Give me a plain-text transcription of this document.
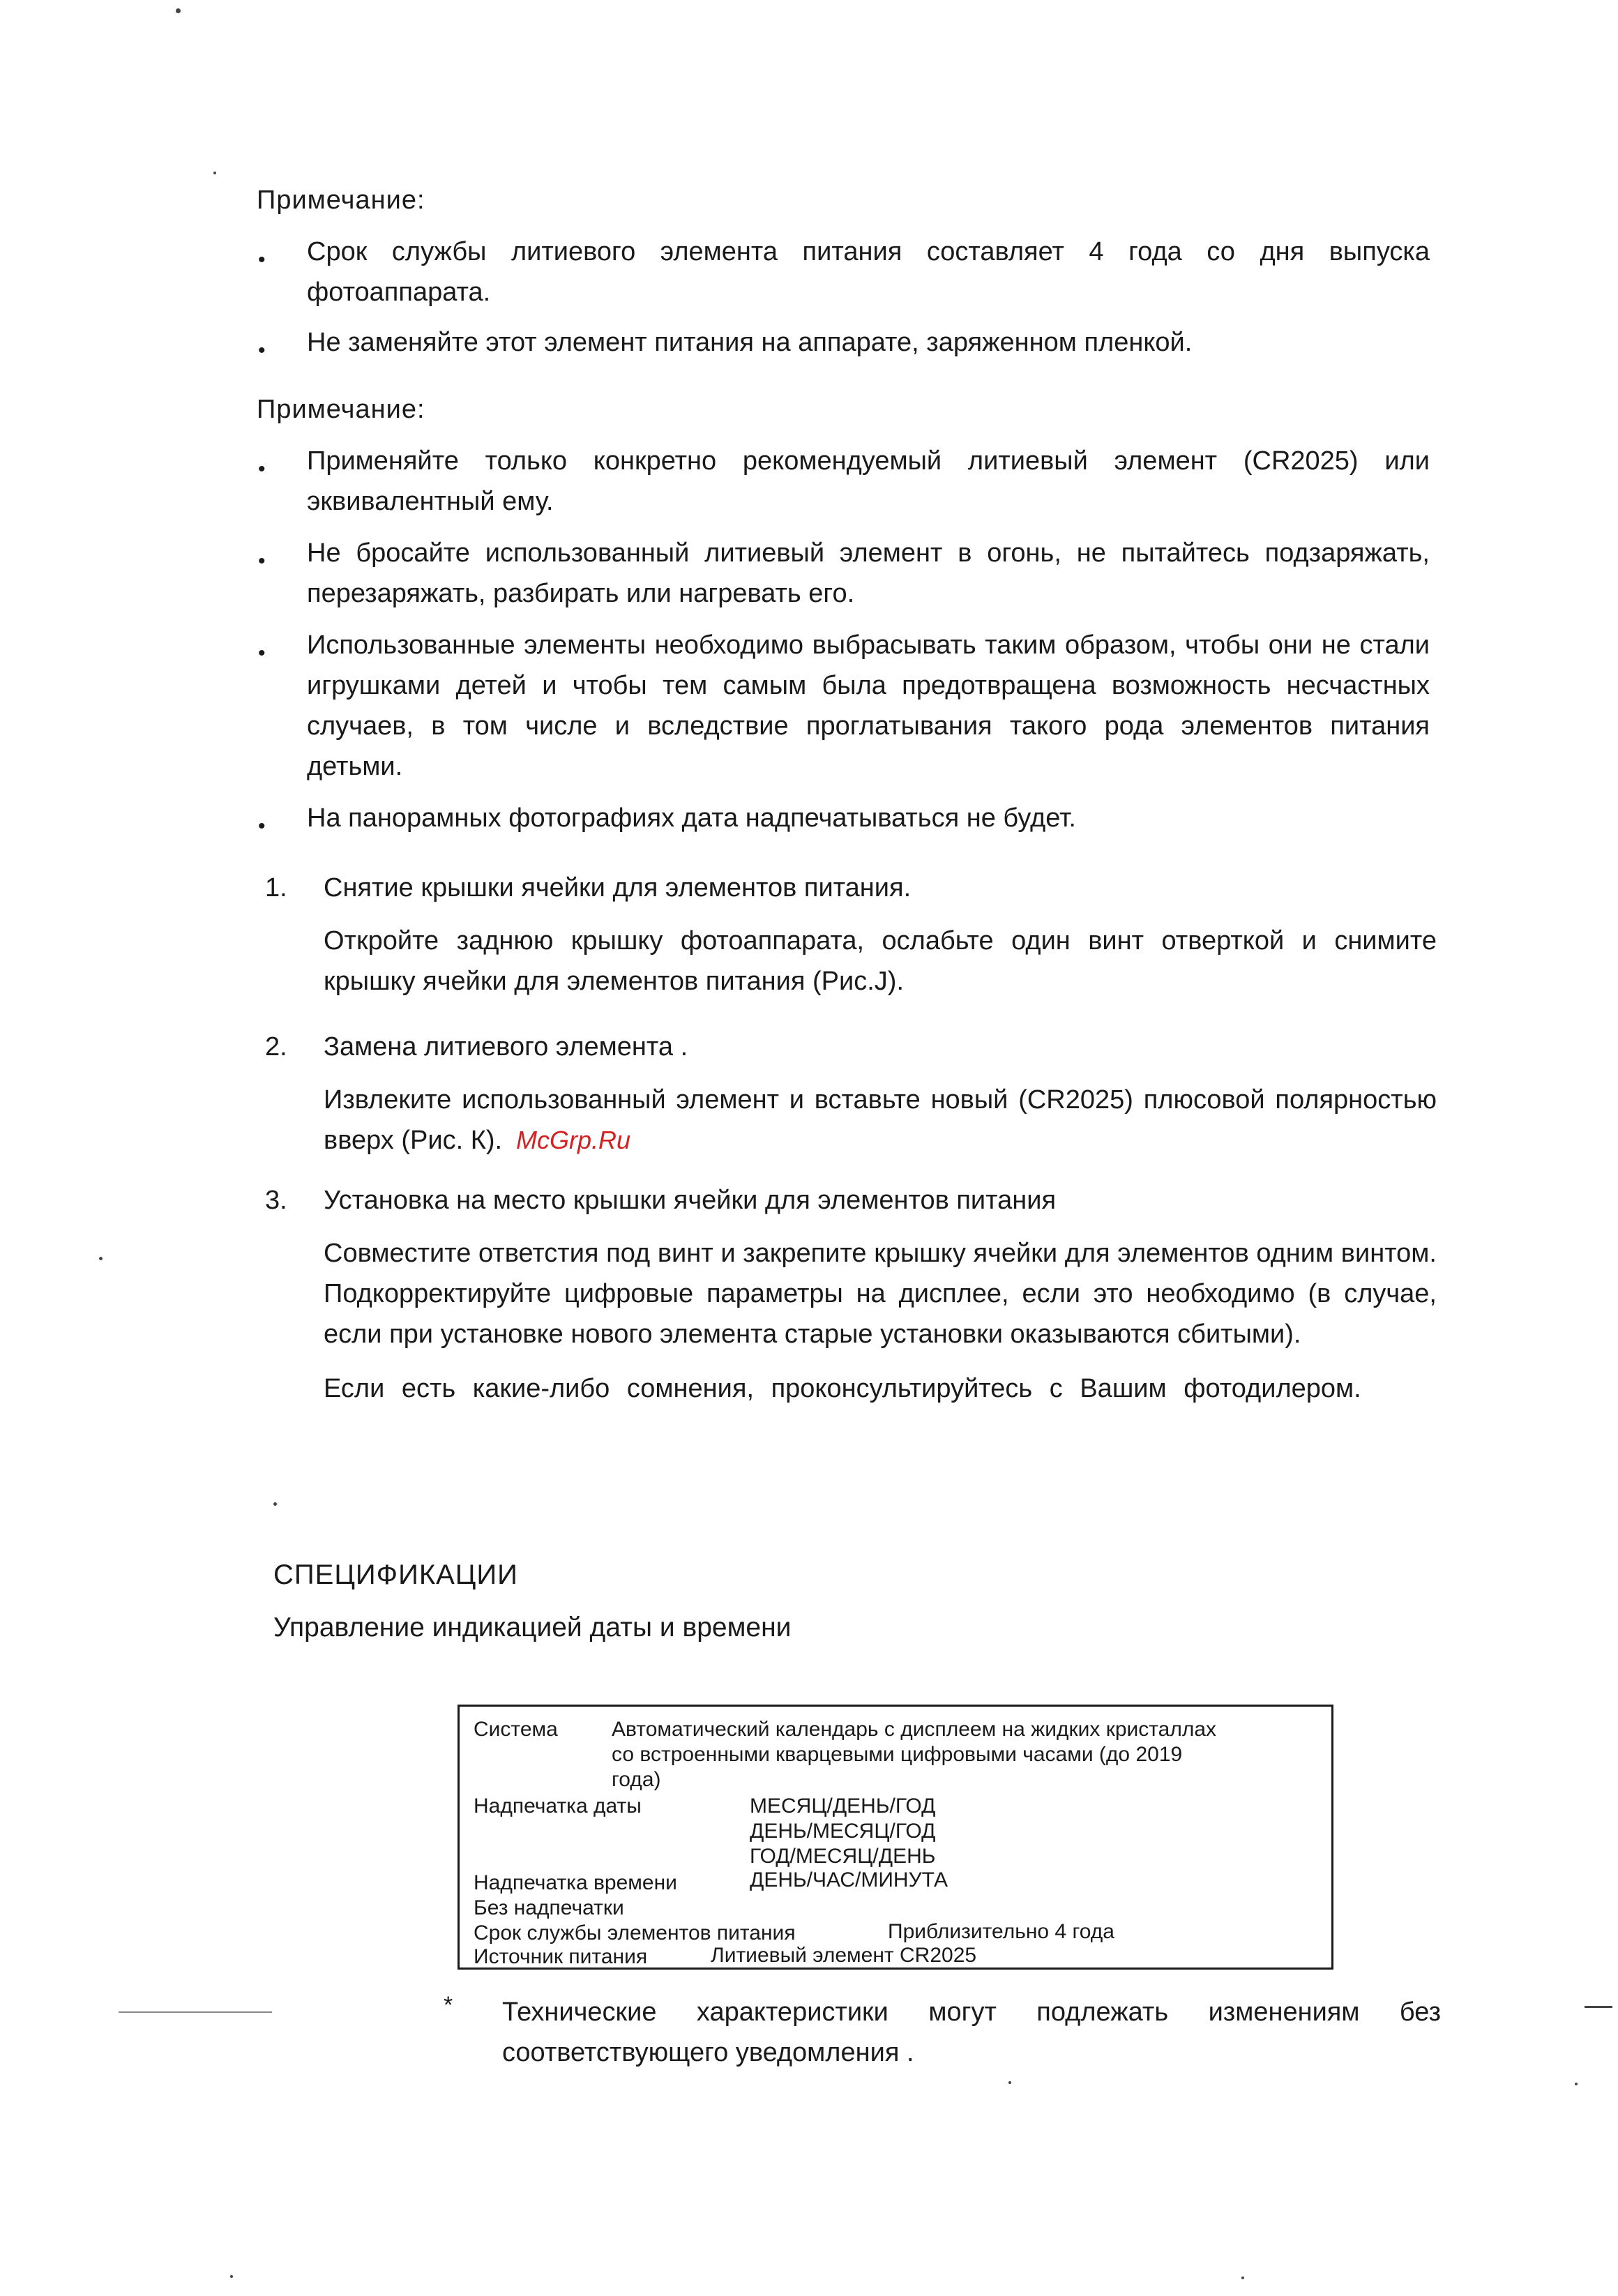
Примечание:
• Срок службы литиевого элемента питания составляет 4 года со дня выпуска фотоаппарата.
• Не заменяйте этот элемент питания на аппарате, заряженном пленкой.
Примечание:
• Применяйте только конкретно рекомендуемый литиевый элемент (CR2025) или эквивалентный ему.
• Не бросайте использованный литиевый элемент в огонь, не пытайтесь подзаряжать, перезаряжать, разбирать или нагревать его.
• Использованные элементы необходимо выбрасывать таким образом, чтобы они не стали игрушками детей и чтобы тем самым была предотвращена возможность несчастных случаев, в том числе и вследствие проглатывания такого рода элементов питания детьми.
• На панорамных фотографиях дата надпечатываться не будет.

1. Снятие крышки ячейки для элементов питания.

Откройте заднюю крышку фотоаппарата, ослабьте один винт отверткой и снимите крышку ячейки для элементов питания (Рис.J).

2. Замена литиевого элемента .

Извлеките использованный элемент и вставьте новый (CR2025) плюсовой полярностью вверх (Рис. К). McGrp.Ru

3. Установка на место крышки ячейки для элементов питания

Совместите ответстия под винт и закрепите крышку ячейки для элементов одним винтом. Подкорректируйте цифровые параметры на дисплее, если это необходимо (в случае, если при установке нового элемента старые установки оказываются сбитыми).

Если есть какие-либо сомнения, проконсультируйтесь с Вашим фотодилером.

СПЕЦИФИКАЦИИ
Управление индикацией даты и времени
Система	Автоматический календарь с дисплеем на жидких кристаллах
со встроенными кварцевыми цифровыми часами (до 2019
года)
Надпечатка даты	МЕСЯЦ/ДЕНЬ/ГОД
ДЕНЬ/МЕСЯЦ/ГОД
ГОД/МЕСЯЦ/ДЕНЬ
Надпечатка времени	ДЕНЬ/ЧАС/МИНУТА
Без надпечатки
Срок службы элементов питания	Приблизительно 4 года
Источник питания	Литиевый элемент CR2025
* Технические характеристики могут подлежать изменениям без соответствующего уведомления .
